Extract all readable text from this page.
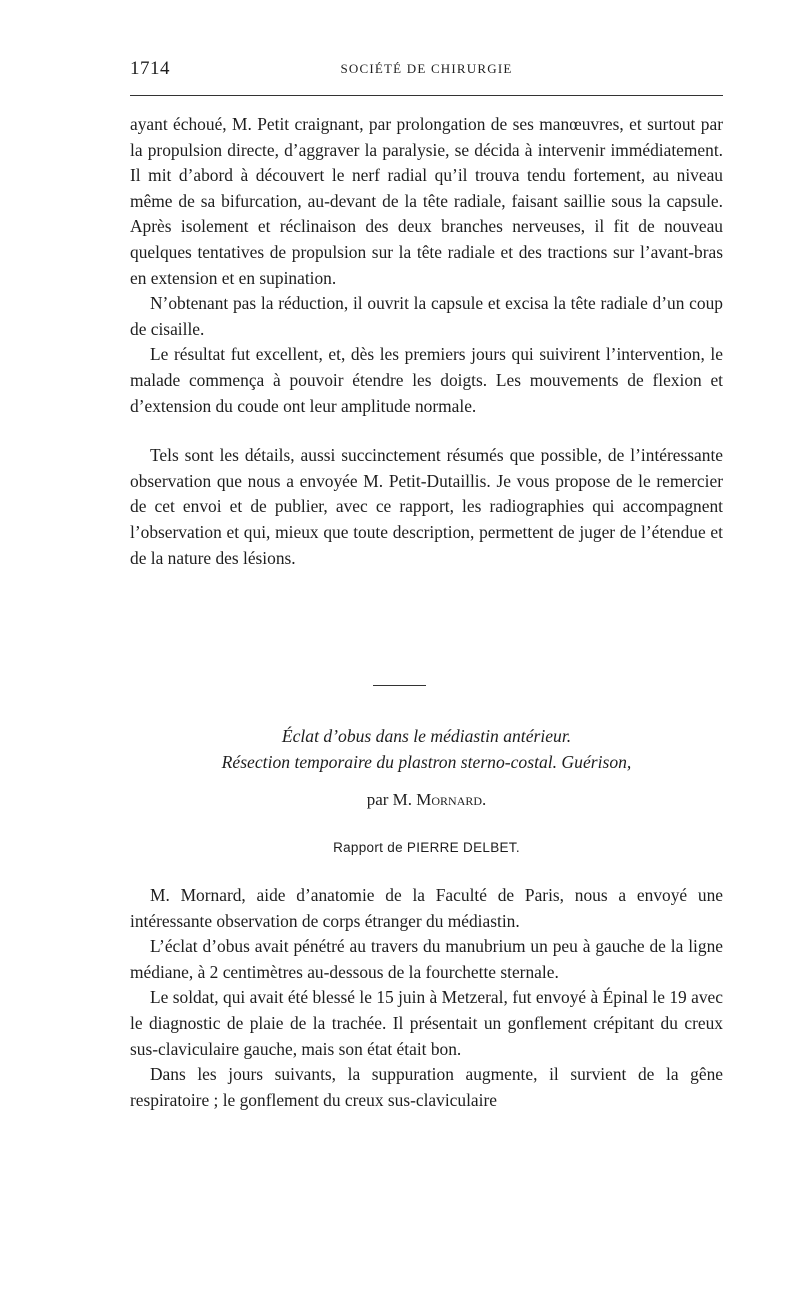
1714	SOCIÉTÉ DE CHIRURGIE

ayant échoué, M. Petit craignant, par prolongation de ses manœuvres, et surtout par la propulsion directe, d’aggraver la paralysie, se décida à intervenir immédiatement. Il mit d’abord à découvert le nerf radial qu’il trouva tendu fortement, au niveau même de sa bifurcation, au-devant de la tête radiale, faisant saillie sous la capsule. Après isolement et réclinaison des deux branches nerveuses, il fit de nouveau quelques tentatives de propulsion sur la tête radiale et des tractions sur l’avant-bras en extension et en supination.

N’obtenant pas la réduction, il ouvrit la capsule et excisa la tête radiale d’un coup de cisaille.

Le résultat fut excellent, et, dès les premiers jours qui suivirent l’intervention, le malade commença à pouvoir étendre les doigts. Les mouvements de flexion et d’extension du coude ont leur amplitude normale.

Tels sont les détails, aussi succinctement résumés que possible, de l’intéressante observation que nous a envoyée M. Petit-Dutaillis. Je vous propose de le remercier de cet envoi et de publier, avec ce rapport, les radiographies qui accompagnent l’observation et qui, mieux que toute description, permettent de juger de l’étendue et de la nature des lésions.

Éclat d’obus dans le médiastin antérieur.

Résection temporaire du plastron sterno-costal. Guérison,

par M. Mornard.
Rapport de PIERRE DELBET.

M. Mornard, aide d’anatomie de la Faculté de Paris, nous a envoyé une intéressante observation de corps étranger du médiastin.

L’éclat d’obus avait pénétré au travers du manubrium un peu à gauche de la ligne médiane, à 2 centimètres au-dessous de la fourchette sternale.

Le soldat, qui avait été blessé le 15 juin à Metzeral, fut envoyé à Épinal le 19 avec le diagnostic de plaie de la trachée. Il présentait un gonflement crépitant du creux sus-claviculaire gauche, mais son état était bon.

Dans les jours suivants, la suppuration augmente, il survient de la gêne respiratoire ; le gonflement du creux sus-claviculaire
